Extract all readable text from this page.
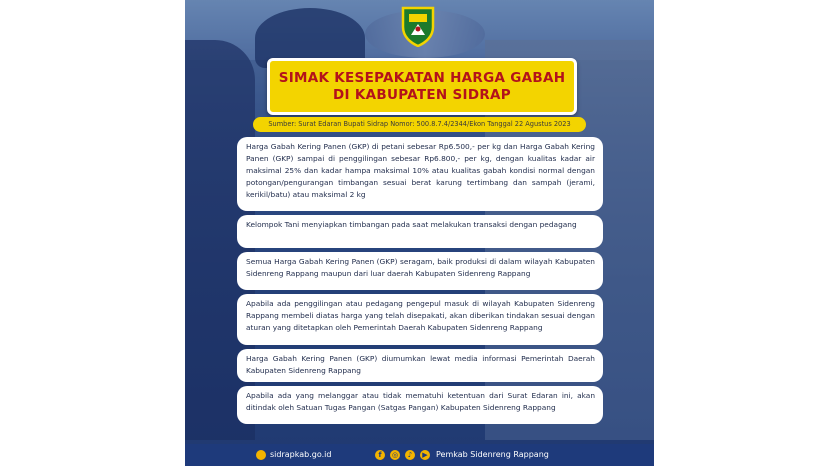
SIMAK KESEPAKATAN HARGA GABAH
DI KABUPATEN SIDRAP
Sumber: Surat Edaran Bupati Sidrap Nomor: 500.8.7.4/2344/Ekon Tanggal 22 Agustus 2023
Harga Gabah Kering Panen (GKP) di petani sebesar Rp6.500,- per kg dan Harga Gabah Kering Panen (GKP) sampai di penggilingan sebesar Rp6.800,- per kg, dengan kualitas kadar air maksimal 25% dan kadar hampa maksimal 10% atau kualitas gabah kondisi normal dengan potongan/pengurangan timbangan sesuai berat karung tertimbang dan sampah (jerami, kerikil/batu) atau maksimal 2 kg
Kelompok Tani menyiapkan timbangan pada saat melakukan transaksi dengan pedagang
Semua Harga Gabah Kering Panen (GKP) seragam, baik produksi di dalam wilayah Kabupaten Sidenreng Rappang maupun dari luar daerah Kabupaten Sidenreng Rappang
Apabila ada penggilingan atau pedagang pengepul masuk di wilayah Kabupaten Sidenreng Rappang membeli diatas harga yang telah disepakati, akan diberikan tindakan sesuai dengan aturan yang ditetapkan oleh Pemerintah Daerah Kabupaten Sidenreng Rappang
Harga Gabah Kering Panen (GKP) diumumkan lewat media informasi Pemerintah Daerah Kabupaten Sidenreng Rappang
Apabila ada yang melanggar atau tidak mematuhi ketentuan dari Surat Edaran ini, akan ditindak oleh Satuan Tugas Pangan (Satgas Pangan) Kabupaten Sidenreng Rappang
sidrapkab.go.id	f	◎	♪	▶ Pemkab Sidenreng Rappang
